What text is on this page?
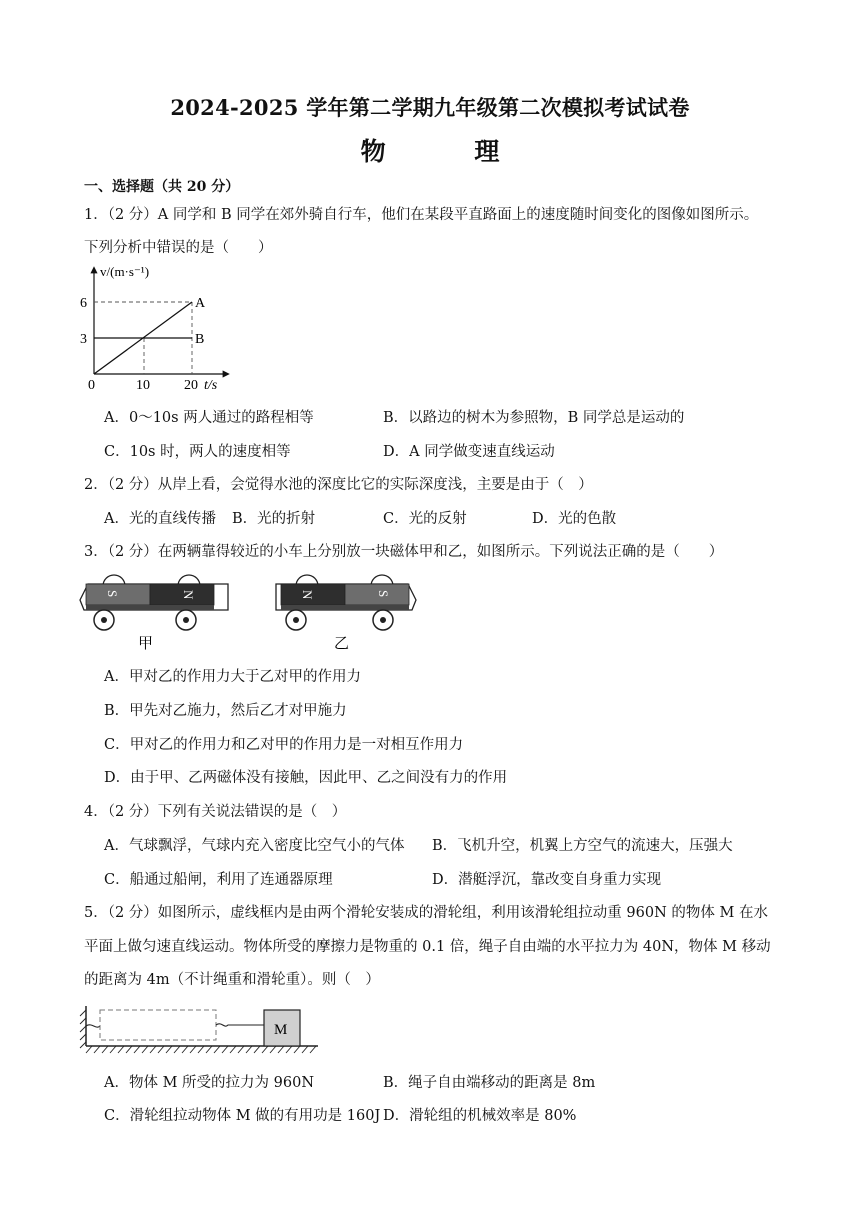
2024-2025 学年第二学期九年级第二次模拟考试试卷
物 理
一、选择题（共 20 分）
1．（2 分）A 同学和 B 同学在郊外骑自行车，他们在某段平直路面上的速度随时间变化的图像如图所示。
下列分析中错误的是（　　）
v/(m·s⁻¹)
6
3
0	10 20 t/s
A
B
A．0～10s 两人通过的路程相等	B．以路边的树木为参照物，B 同学总是运动的
C．10s 时，两人的速度相等	D．A 同学做变速直线运动
2．（2 分）从岸上看，会觉得水池的深度比它的实际深度浅，主要是由于（　）
A．光的直线传播 B．光的折射	C．光的反射	D．光的色散
3．（2 分）在两辆靠得较近的小车上分别放一块磁体甲和乙，如图所示。下列说法正确的是（　　）
S	N
甲
N	S
乙
A．甲对乙的作用力大于乙对甲的作用力
B．甲先对乙施力，然后乙才对甲施力
C．甲对乙的作用力和乙对甲的作用力是一对相互作用力
D．由于甲、乙两磁体没有接触，因此甲、乙之间没有力的作用
4．（2 分）下列有关说法错误的是（　）
A．气球飘浮，气球内充入密度比空气小的气体 B．飞机升空，机翼上方空气的流速大，压强大
C．船通过船闸，利用了连通器原理	D．潜艇浮沉，靠改变自身重力实现
5．（2 分）如图所示，虚线框内是由两个滑轮安装成的滑轮组，利用该滑轮组拉动重 960N 的物体 M 在水
平面上做匀速直线运动。物体所受的摩擦力是物重的 0.1 倍，绳子自由端的水平拉力为 40N，物体 M 移动
的距离为 4m（不计绳重和滑轮重）。则（　）
M
A．物体 M 所受的拉力为 960N	B．绳子自由端移动的距离是 8m
C．滑轮组拉动物体 M 做的有用功是 160J D．滑轮组的机械效率是 80%
